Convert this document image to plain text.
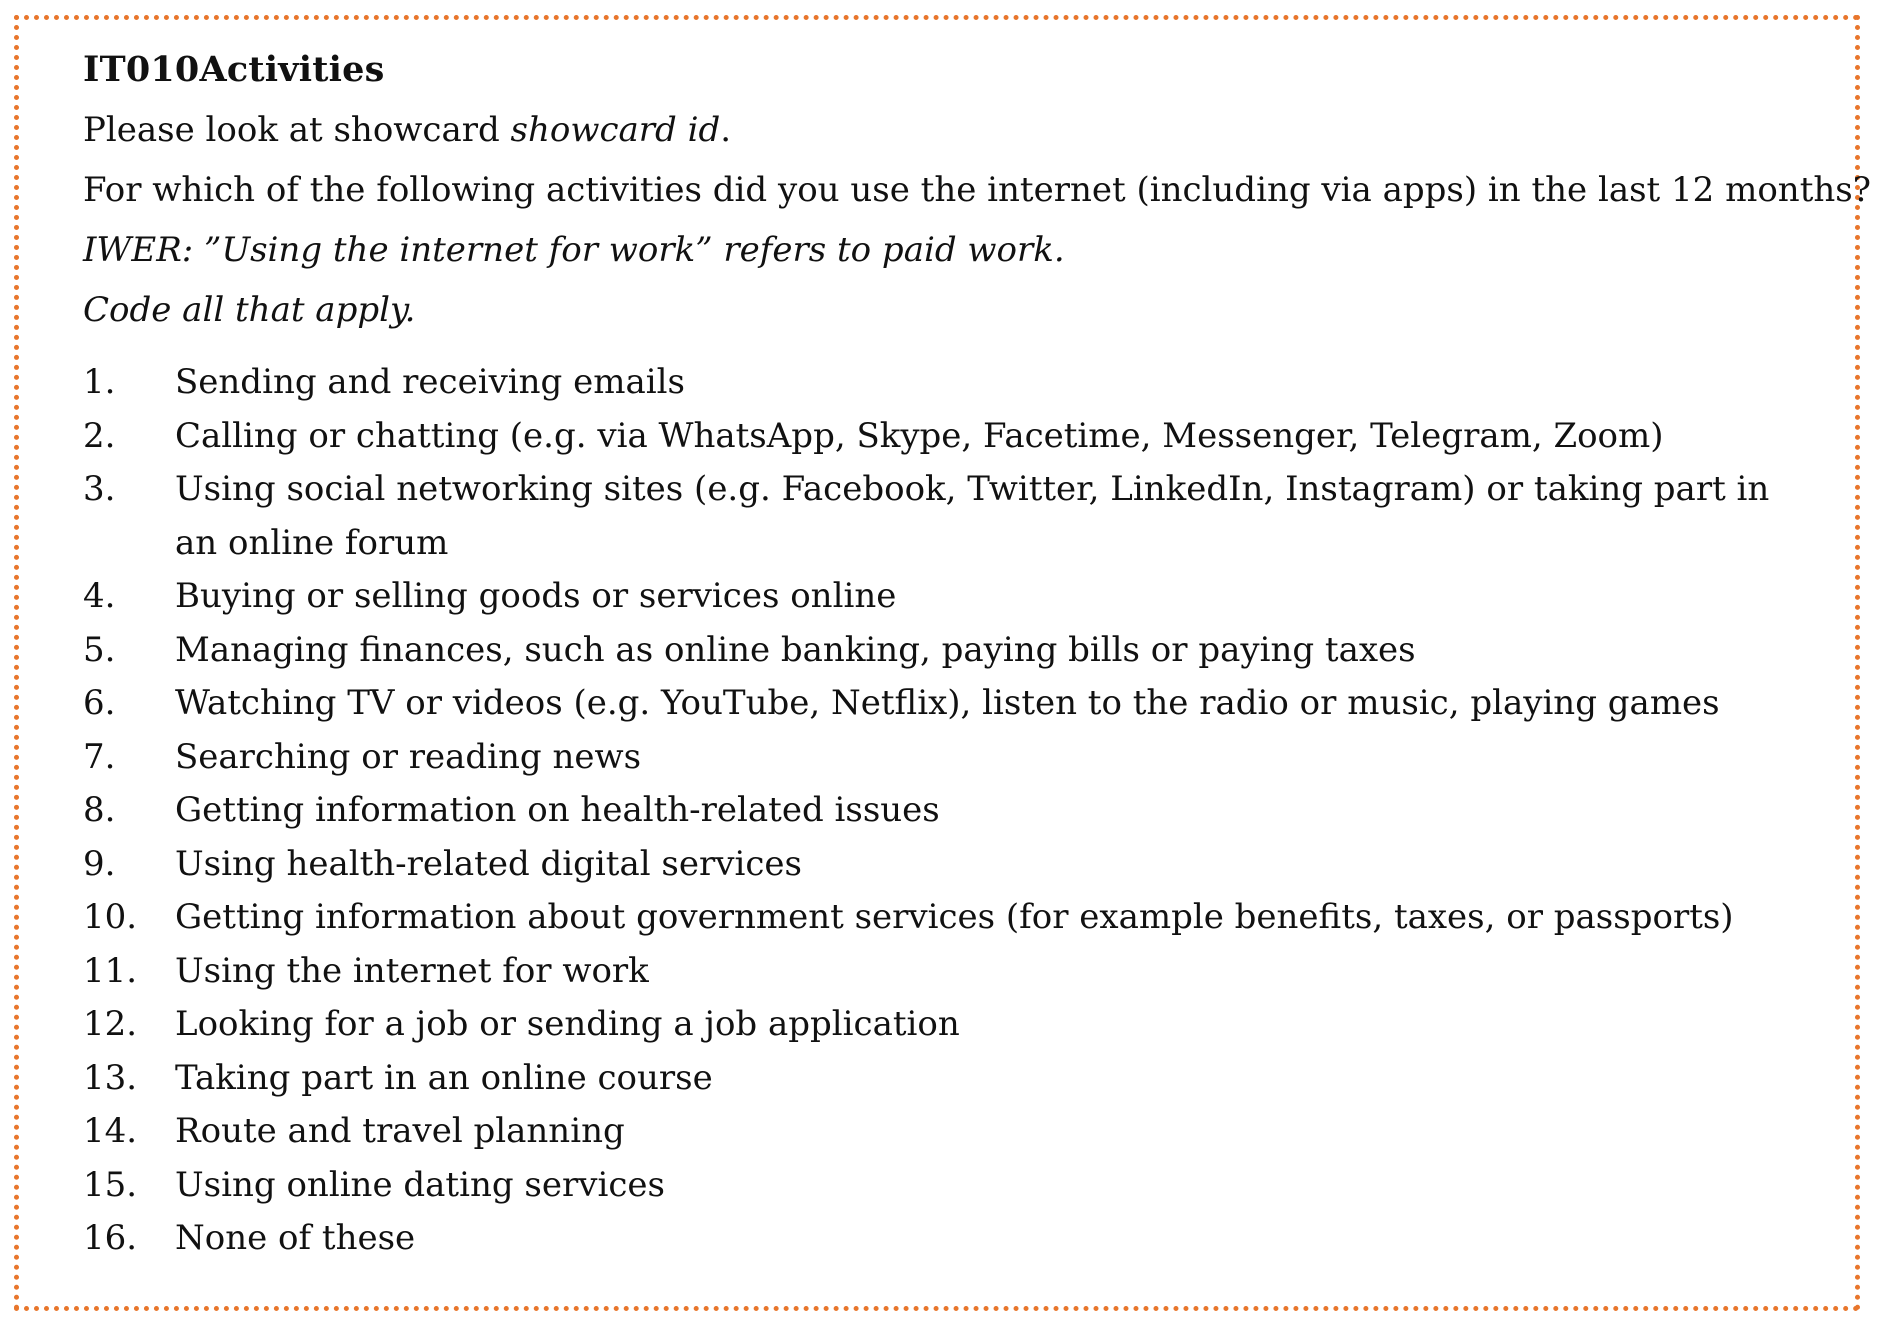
IT010Activities
Please look at showcard showcard id.
For which of the following activities did you use the internet (including via apps) in the last 12 months?
IWER: ”Using the internet for work” refers to paid work.
Code all that apply.
1.	Sending and receiving emails
2.	Calling or chatting (e.g. via WhatsApp, Skype, Facetime, Messenger, Telegram, Zoom)
3.	Using social networking sites (e.g. Facebook, Twitter, LinkedIn, Instagram) or taking part in an online forum
4.	Buying or selling goods or services online
5.	Managing finances, such as online banking, paying bills or paying taxes
6.	Watching TV or videos (e.g. YouTube, Netflix), listen to the radio or music, playing games
7.	Searching or reading news
8.	Getting information on health-related issues
9.	Using health-related digital services
10.	Getting information about government services (for example benefits, taxes, or passports)
11.	Using the internet for work
12.	Looking for a job or sending a job application
13.	Taking part in an online course
14.	Route and travel planning
15.	Using online dating services
16.	None of these
